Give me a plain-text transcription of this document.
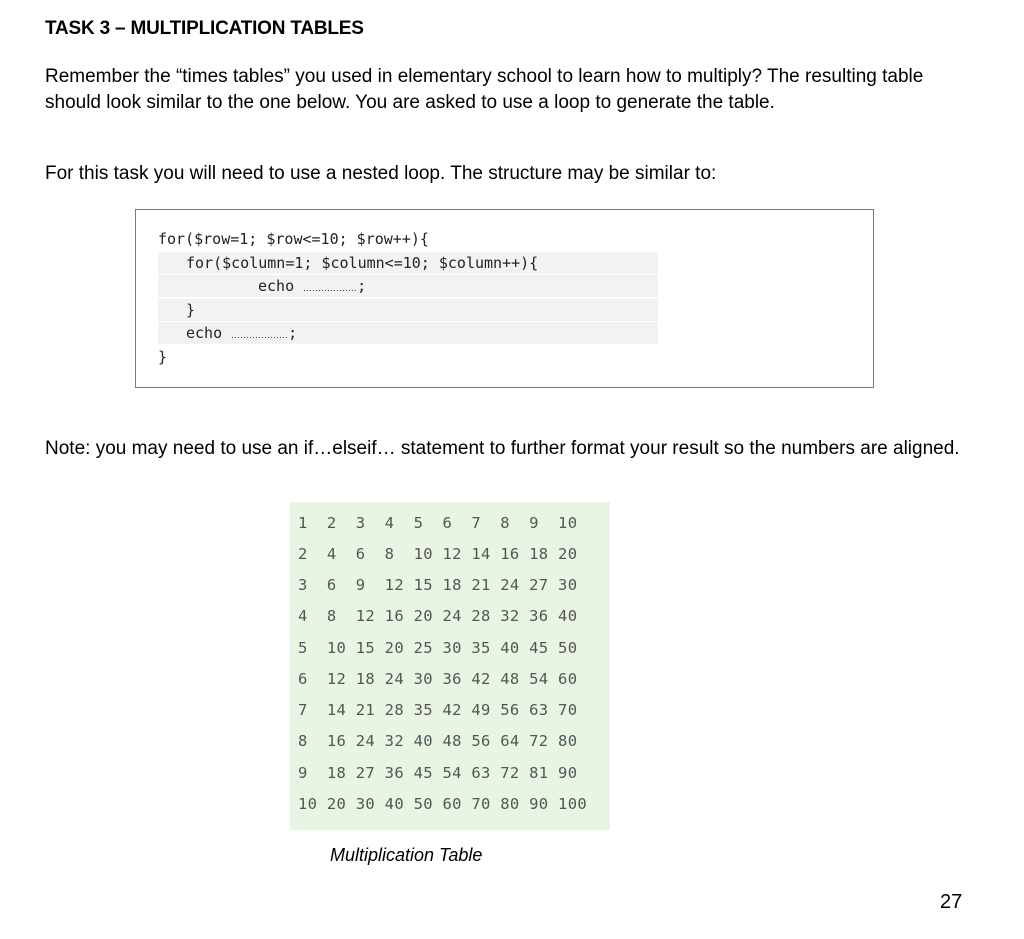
TASK 3 – MULTIPLICATION TABLES

Remember the “times tables” you used in elementary school to learn how to multiply? The resulting table should look similar to the one below. You are asked to use a loop to generate the table.

For this task you will need to use a nested loop. The structure may be similar to:

for($row=1; $row<=10; $row++){
for($column=1; $column<=10; $column++){
echo ..................;
}
echo ...................;
}

Note: you may need to use an if…elseif… statement to further format your result so the numbers are aligned.

1  2  3  4  5  6  7  8  9  10
2  4  6  8  10 12 14 16 18 20
3  6  9  12 15 18 21 24 27 30
4  8  12 16 20 24 28 32 36 40
5  10 15 20 25 30 35 40 45 50
6  12 18 24 30 36 42 48 54 60
7  14 21 28 35 42 49 56 63 70
8  16 24 32 40 48 56 64 72 80
9  18 27 36 45 54 63 72 81 90
10 20 30 40 50 60 70 80 90 100

Multiplication Table

27
